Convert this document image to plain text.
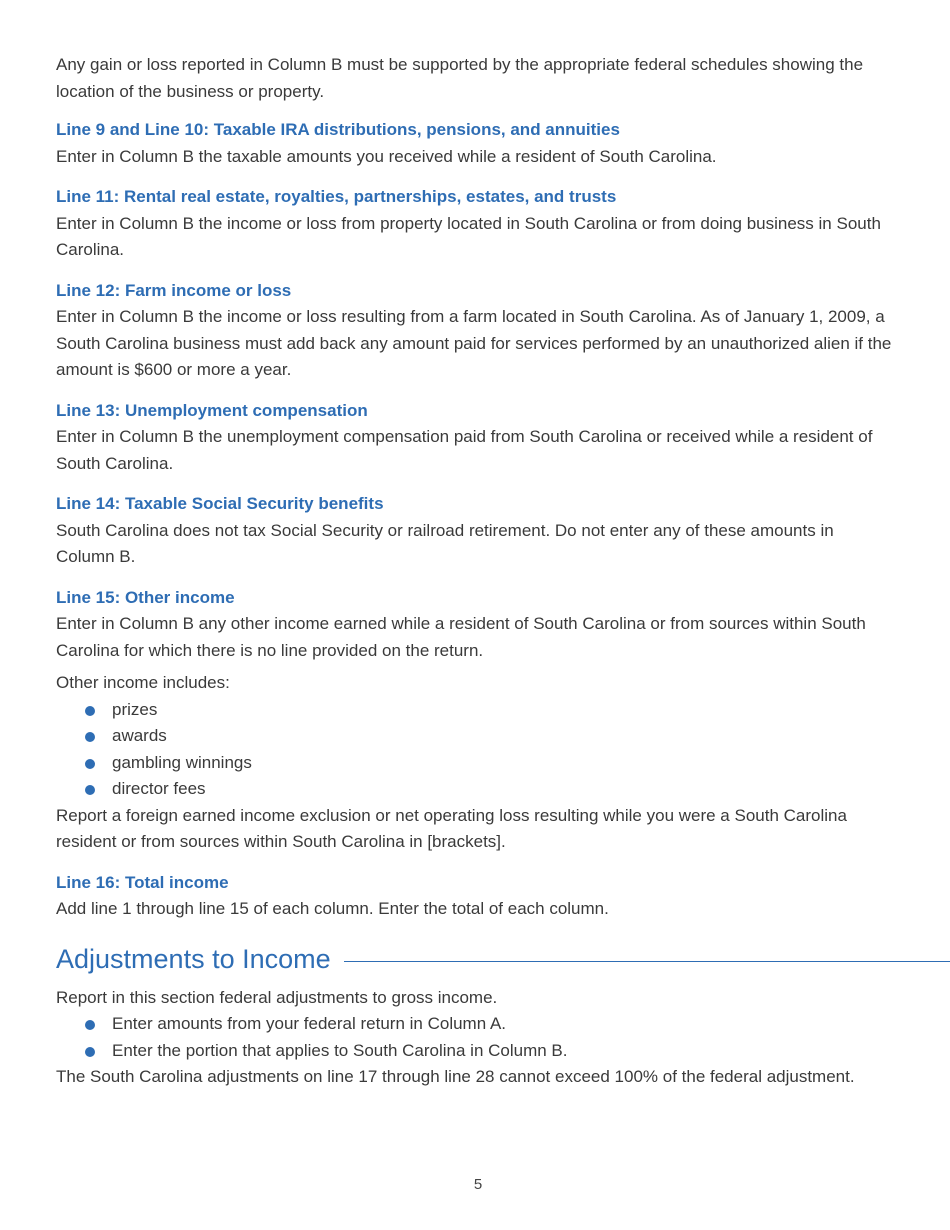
Any gain or loss reported in Column B must be supported by the appropriate federal schedules showing the location of the business or property.

Line 9 and Line 10: Taxable IRA distributions, pensions, and annuities

Enter in Column B the taxable amounts you received while a resident of South Carolina.

Line 11: Rental real estate, royalties, partnerships, estates, and trusts

Enter in Column B the income or loss from property located in South Carolina or from doing business in South Carolina.

Line 12: Farm income or loss

Enter in Column B the income or loss resulting from a farm located in South Carolina. As of January 1, 2009, a South Carolina business must add back any amount paid for services performed by an unauthorized alien if the amount is $600 or more a year.

Line 13: Unemployment compensation

Enter in Column B the unemployment compensation paid from South Carolina or received while a resident of South Carolina.

Line 14: Taxable Social Security benefits

South Carolina does not tax Social Security or railroad retirement. Do not enter any of these amounts in Column B.

Line 15: Other income

Enter in Column B any other income earned while a resident of South Carolina or from sources within South Carolina for which there is no line provided on the return.

Other income includes:

prizes
awards
gambling winnings
director fees

Report a foreign earned income exclusion or net operating loss resulting while you were a South Carolina resident or from sources within South Carolina in [brackets].

Line 16: Total income

Add line 1 through line 15 of each column. Enter the total of each column.

Adjustments to Income

Report in this section federal adjustments to gross income.

Enter amounts from your federal return in Column A.
Enter the portion that applies to South Carolina in Column B.

The South Carolina adjustments on line 17 through line 28 cannot exceed 100% of the federal adjustment.

5
